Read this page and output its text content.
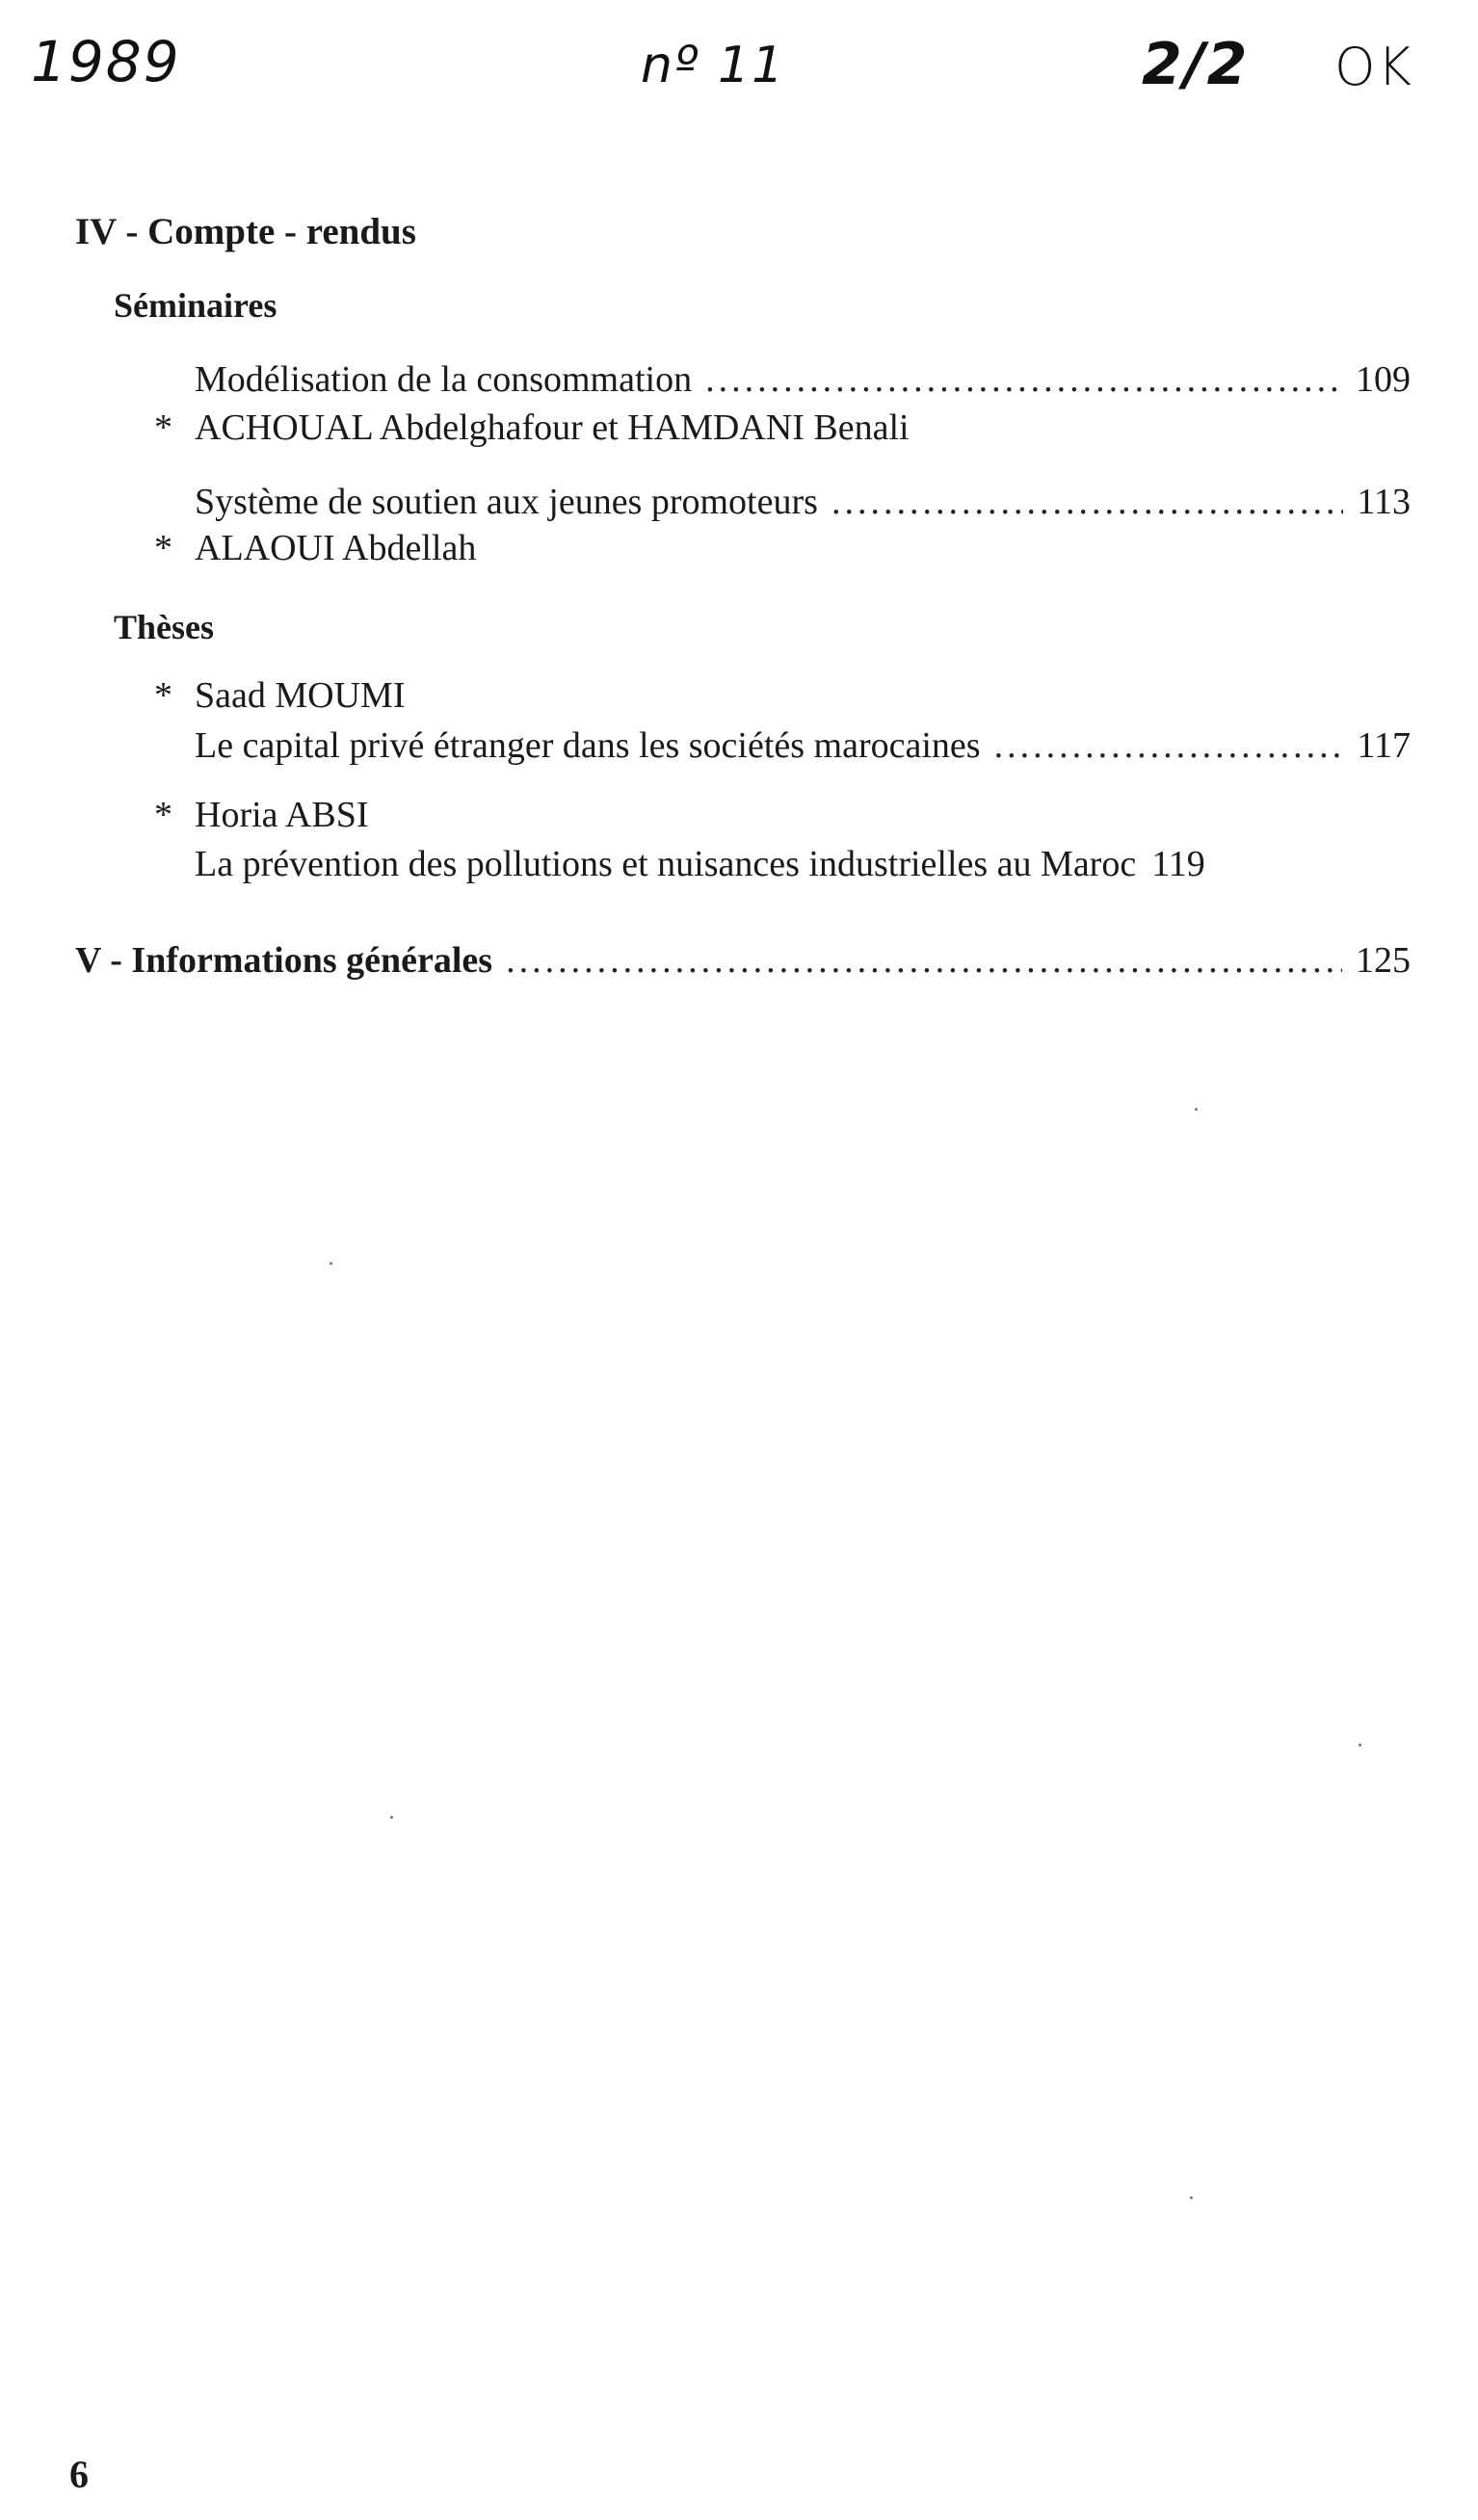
1989	nº 11	2/2 OK
IV - Compte - rendus
Séminaires
Modélisation de la consommation .....	109
* ACHOUAL Abdelghafour et HAMDANI Benali
Système de soutien aux jeunes promoteurs .....	113
* ALAOUI Abdellah
Thèses
* Saad MOUMI
Le capital privé étranger dans les sociétés marocaines .....	117
* Horia ABSI
La prévention des pollutions et nuisances industrielles au Maroc 119
V - Informations générales .....	125
6
